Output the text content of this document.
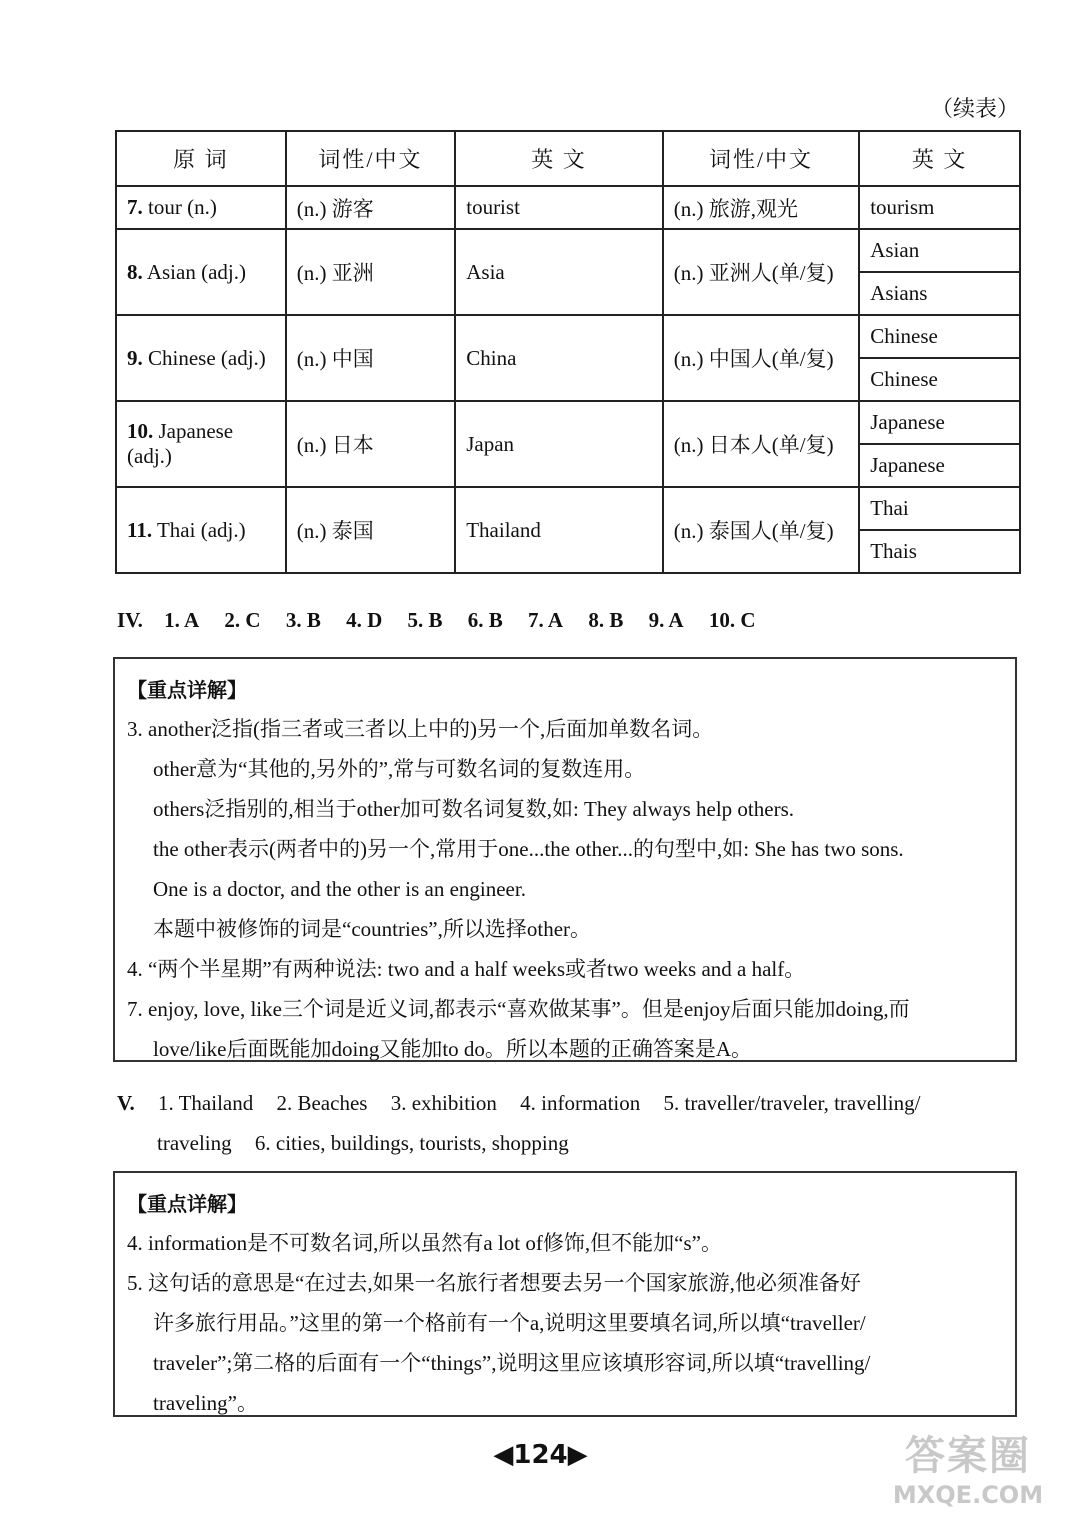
（续表）
原 词	词性/中文	英 文	词性/中文	英 文
7. tour (n.)	(n.) 游客	tourist	(n.) 旅游,观光	tourism
8. Asian (adj.)	(n.) 亚洲	Asia	(n.) 亚洲人(单/复)	Asian
				Asians
9. Chinese (adj.)	(n.) 中国	China	(n.) 中国人(单/复)	Chinese
				Chinese
10. Japanese (adj.)	(n.) 日本	Japan	(n.) 日本人(单/复)	Japanese
				Japanese
11. Thai (adj.)	(n.) 泰国	Thailand	(n.) 泰国人(单/复)	Thai
				Thais
IV. 1. A 2. C 3. B 4. D 5. B 6. B 7. A 8. B 9. A 10. C
【重点详解】
3. another泛指(指三者或三者以上中的)另一个,后面加单数名词。
other意为“其他的,另外的”,常与可数名词的复数连用。
others泛指别的,相当于other加可数名词复数,如: They always help others.
the other表示(两者中的)另一个,常用于one...the other...的句型中,如: She has two sons.
One is a doctor, and the other is an engineer.
本题中被修饰的词是“countries”,所以选择other。
4. “两个半星期”有两种说法: two and a half weeks或者two weeks and a half。
7. enjoy, love, like三个词是近义词,都表示“喜欢做某事”。但是enjoy后面只能加doing,而
love/like后面既能加doing又能加to do。所以本题的正确答案是A。
V. 1. Thailand 2. Beaches 3. exhibition 4. information 5. traveller/traveler, travelling/
traveling 6. cities, buildings, tourists, shopping
【重点详解】
4. information是不可数名词,所以虽然有a lot of修饰,但不能加“s”。
5. 这句话的意思是“在过去,如果一名旅行者想要去另一个国家旅游,他必须准备好
许多旅行用品。”这里的第一个格前有一个a,说明这里要填名词,所以填“traveller/
traveler”;第二格的后面有一个“things”,说明这里应该填形容词,所以填“travelling/
traveling”。
◀124▶	答案圈
MXQE.COM
